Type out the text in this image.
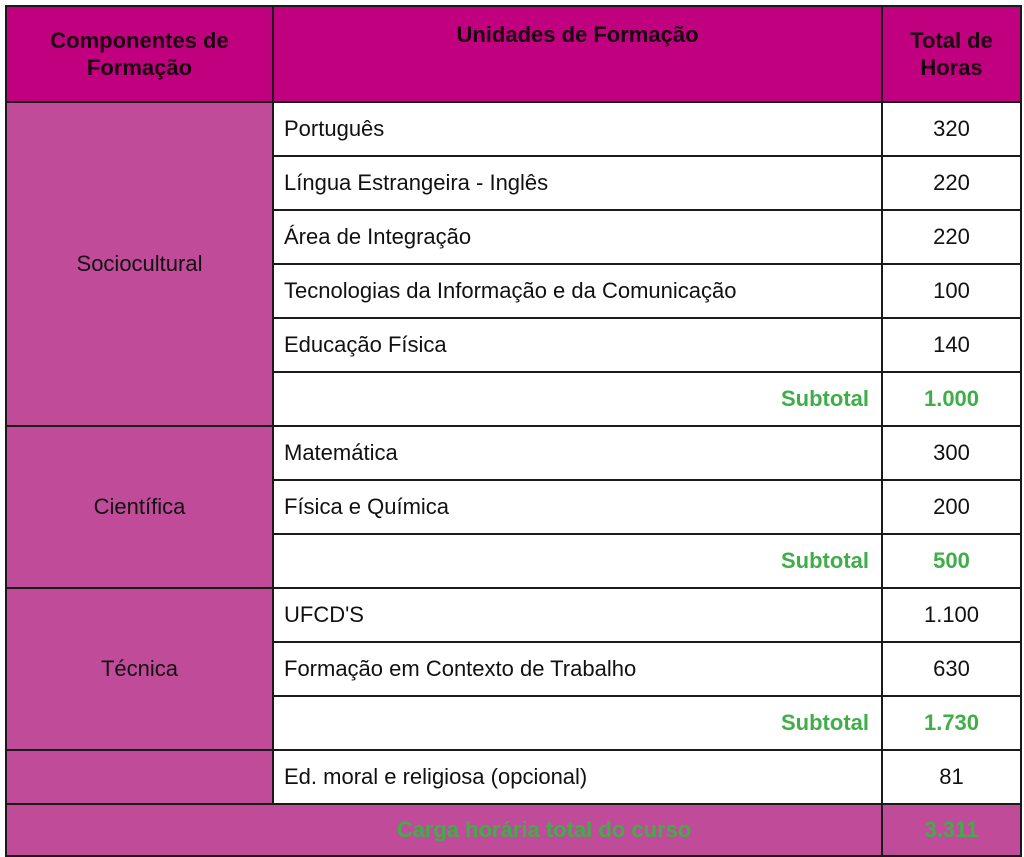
Componentes de Formação	Unidades de Formação	Total de Horas
Sociocultural	Português	320
	Língua Estrangeira - Inglês	220
	Área de Integração	220
	Tecnologias da Informação e da Comunicação	100
	Educação Física	140
	Subtotal	1.000
Científica	Matemática	300
	Física e Química	200
	Subtotal	500
Técnica	UFCD'S	1.100
	Formação em Contexto de Trabalho	630
	Subtotal	1.730
	Ed. moral e religiosa (opcional)	81
Carga horária total do curso		3.311
